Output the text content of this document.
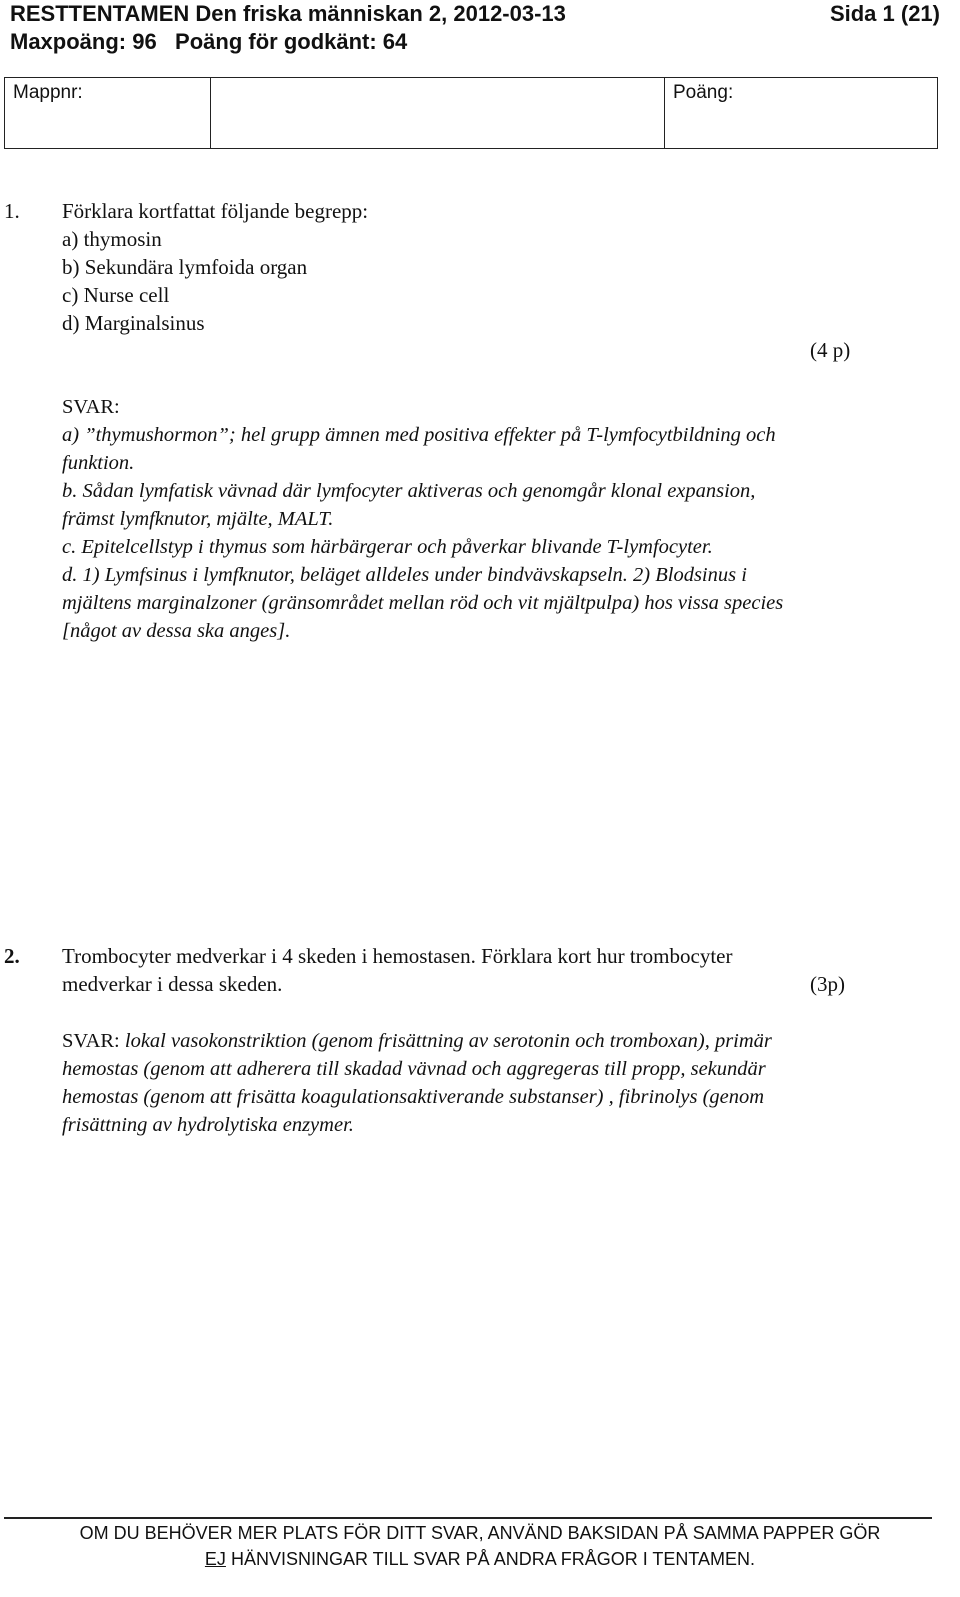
RESTTENTAMEN Den friska människan 2, 2012-03-13	Sida 1 (21)
Maxpoäng: 96 Poäng för godkänt: 64
Mappnr:	Poäng:
1. Förklara kortfattat följande begrepp:
a) thymosin
b) Sekundära lymfoida organ
c) Nurse cell
d) Marginalsinus
(4 p)
SVAR:
a) ”thymushormon”; hel grupp ämnen med positiva effekter på T-lymfocytbildning och
funktion.
b. Sådan lymfatisk vävnad där lymfocyter aktiveras och genomgår klonal expansion,
främst lymfknutor, mjälte, MALT.
c. Epitelcellstyp i thymus som härbärgerar och påverkar blivande T-lymfocyter.
d. 1) Lymfsinus i lymfknutor, beläget alldeles under bindvävskapseln. 2) Blodsinus i
mjältens marginalzoner (gränsområdet mellan röd och vit mjältpulpa) hos vissa species
[något av dessa ska anges].
2. Trombocyter medverkar i 4 skeden i hemostasen. Förklara kort hur trombocyter
medverkar i dessa skeden.	(3p)
SVAR: lokal vasokonstriktion (genom frisättning av serotonin och tromboxan), primär
hemostas (genom att adherera till skadad vävnad och aggregeras till propp, sekundär
hemostas (genom att frisätta koagulationsaktiverande substanser) , fibrinolys (genom
frisättning av hydrolytiska enzymer.
OM DU BEHÖVER MER PLATS FÖR DITT SVAR, ANVÄND BAKSIDAN PÅ SAMMA PAPPER GÖR
EJ HÄNVISNINGAR TILL SVAR PÅ ANDRA FRÅGOR I TENTAMEN.
